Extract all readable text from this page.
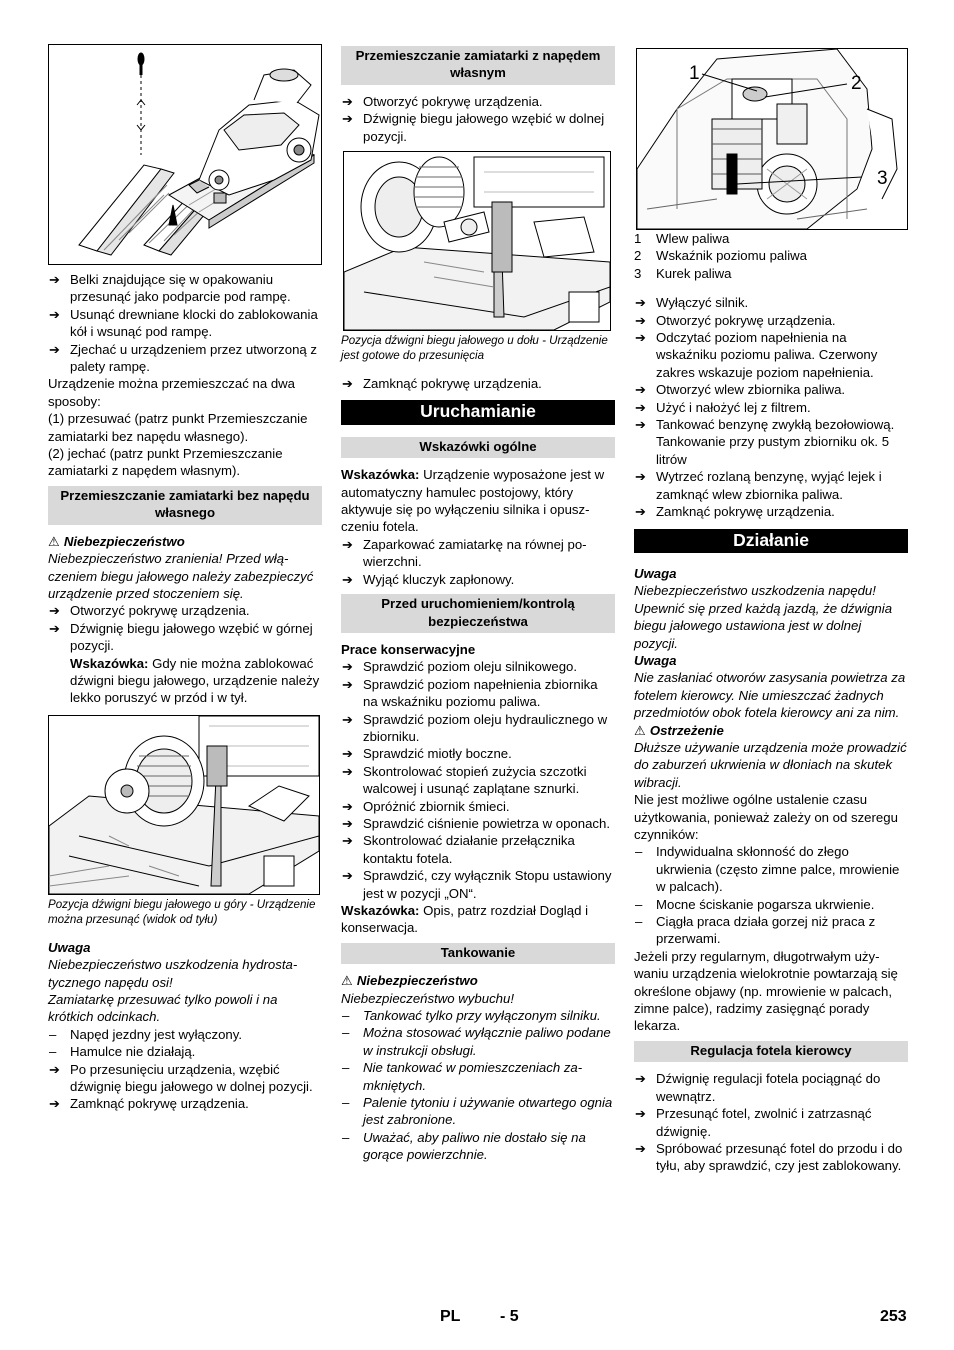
➔ Belki znajdujące się w opakowaniu przesunąć jako podparcie pod rampę.
➔ Usunąć drewniane klocki do zablokowania kół i wsunąć pod rampę.
➔ Zjechać u urządzeniem przez utworzoną z palety rampę.
Urządzenie można przemieszczać na dwa sposoby:
(1) przesuwać (patrz punkt Przemieszczanie zamiatarki bez napędu własnego).
(2) jechać (patrz punkt Przemieszczanie zamiatarki z napędem własnym).
Przemieszczanie zamiatarki bez napędu własnego
⚠ Niebezpieczeństwo
Niebezpieczeństwo zranienia! Przed włączeniem biegu jałowego należy zabezpieczyć urządzenie przed stoczeniem się.
➔ Otworzyć pokrywę urządzenia.
➔ Dźwignię biegu jałowego wzębić w górnej pozycji.
Wskazówka: Gdy nie można zablokować dźwigni biegu jałowego, urządzenie należy lekko poruszyć w przód i w tył.
Pozycja dźwigni biegu jałowego u góry - Urządzenie można przesunąć (widok od tyłu)
Uwaga
Niebezpieczeństwo uszkodzenia hydrostatycznego napędu osi!
Zamiatarkę przesuwać tylko powoli i na krótkich odcinkach.
– Napęd jezdny jest wyłączony.
– Hamulce nie działają.
➔ Po przesunięciu urządzenia, wzębić dźwignię biegu jałowego w dolnej pozycji.
➔ Zamknąć pokrywę urządzenia.
Przemieszczanie zamiatarki z napędem własnym
➔ Otworzyć pokrywę urządzenia.
➔ Dźwignię biegu jałowego wzębić w dolnej pozycji.
Pozycja dźwigni biegu jałowego u dołu - Urządzenie jest gotowe do przesunięcia
➔ Zamknąć pokrywę urządzenia.
Uruchamianie
Wskazówki ogólne
Wskazówka: Urządzenie wyposażone jest w automatyczny hamulec postojowy, który aktywuje się po wyłączeniu silnika i opuszczeniu fotela.
➔ Zaparkować zamiatarkę na równej powierzchni.
➔ Wyjąć kluczyk zapłonowy.
Przed uruchomieniem/kontrolą bezpieczeństwa
Prace konserwacyjne
➔ Sprawdzić poziom oleju silnikowego.
➔ Sprawdzić poziom napełnienia zbiornika na wskaźniku poziomu paliwa.
➔ Sprawdzić poziom oleju hydraulicznego w zbiorniku.
➔ Sprawdzić miotły boczne.
➔ Skontrolować stopień zużycia szczotki walcowej i usunąć zaplątane sznurki.
➔ Opróżnić zbiornik śmieci.
➔ Sprawdzić ciśnienie powietrza w oponach.
➔ Skontrolować działanie przełącznika kontaktu fotela.
➔ Sprawdzić, czy wyłącznik Stopu ustawiony jest w pozycji „ON“.
Wskazówka: Opis, patrz rozdział Dogląd i konserwacja.
Tankowanie
⚠ Niebezpieczeństwo
Niebezpieczeństwo wybuchu!
– Tankować tylko przy wyłączonym silniku.
– Można stosować wyłącznie paliwo podane w instrukcji obsługi.
– Nie tankować w pomieszczeniach zamkniętych.
– Palenie tytoniu i używanie otwartego ognia jest zabronione.
– Uważać, aby paliwo nie dostało się na gorące powierzchnie.
1	2
3
1 Wlew paliwa
2 Wskaźnik poziomu paliwa
3 Kurek paliwa
➔ Wyłączyć silnik.
➔ Otworzyć pokrywę urządzenia.
➔ Odczytać poziom napełnienia na wskaźniku poziomu paliwa. Czerwony zakres wskazuje poziom napełnienia.
➔ Otworzyć wlew zbiornika paliwa.
➔ Użyć i nałożyć lej z filtrem.
➔ Tankować benzynę zwykłą bezołowiową.
Tankowanie przy pustym zbiorniku ok. 5 litrów
➔ Wytrzeć rozlaną benzynę, wyjąć lejek i zamknąć wlew zbiornika paliwa.
➔ Zamknąć pokrywę urządzenia.
Działanie
Uwaga
Niebezpieczeństwo uszkodzenia napędu! Upewnić się przed każdą jazdą, że dźwignia biegu jałowego ustawiona jest w dolnej pozycji.
Uwaga
Nie zasłaniać otworów zasysania powietrza za fotelem kierowcy. Nie umieszczać żadnych przedmiotów obok fotela kierowcy ani za nim.
⚠ Ostrzeżenie
Dłuższe używanie urządzenia może prowadzić do zaburzeń ukrwienia w dłoniach na skutek wibracji.
Nie jest możliwe ogólne ustalenie czasu użytkowania, ponieważ zależy on od szeregu czynników:
– Indywidualna skłonność do złego ukrwienia (często zimne palce, mrowienie w palcach).
– Mocne ściskanie pogarsza ukrwienie.
– Ciągła praca działa gorzej niż praca z przerwami.
Jeżeli przy regularnym, długotrwałym używaniu urządzenia wielokrotnie powtarzają się określone objawy (np. mrowienie w palcach, zimne palce), radzimy zasięgnąć porady lekarza.
Regulacja fotela kierowcy
➔ Dźwignię regulacji fotela pociągnąć do wewnątrz.
➔ Przesunąć fotel, zwolnić i zatrzasnąć dźwignię.
➔ Spróbować przesunąć fotel do przodu i do tyłu, aby sprawdzić, czy jest zablokowany.
PL - 5	253
